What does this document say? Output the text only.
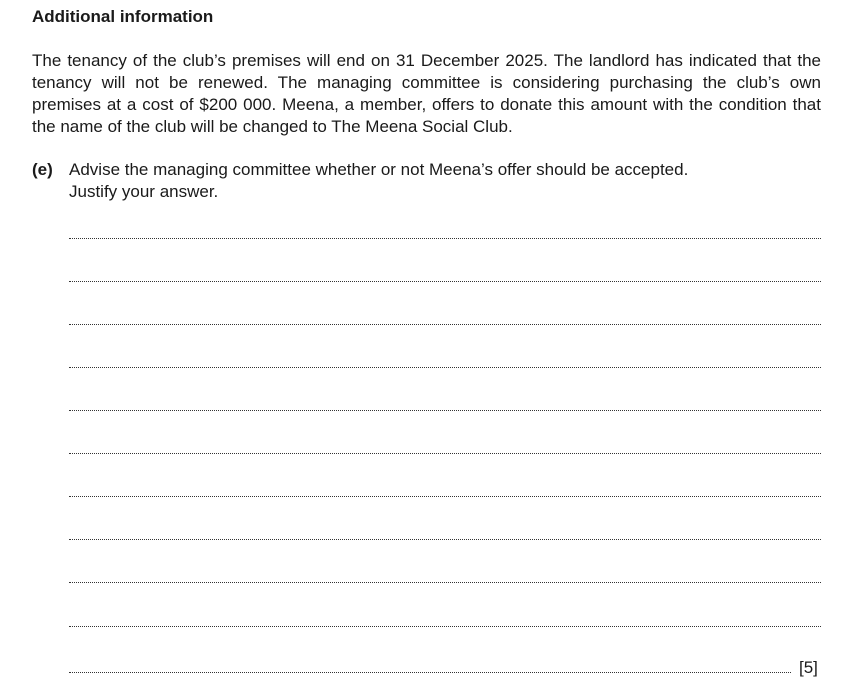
Additional information
The tenancy of the club’s premises will end on 31 December 2025. The landlord has indicated that the tenancy will not be renewed. The managing committee is considering purchasing the club’s own premises at a cost of $200 000. Meena, a member, offers to donate this amount with the condition that the name of the club will be changed to The Meena Social Club.
(e) Advise the managing committee whether or not Meena’s offer should be accepted.
Justify your answer.
[5]
